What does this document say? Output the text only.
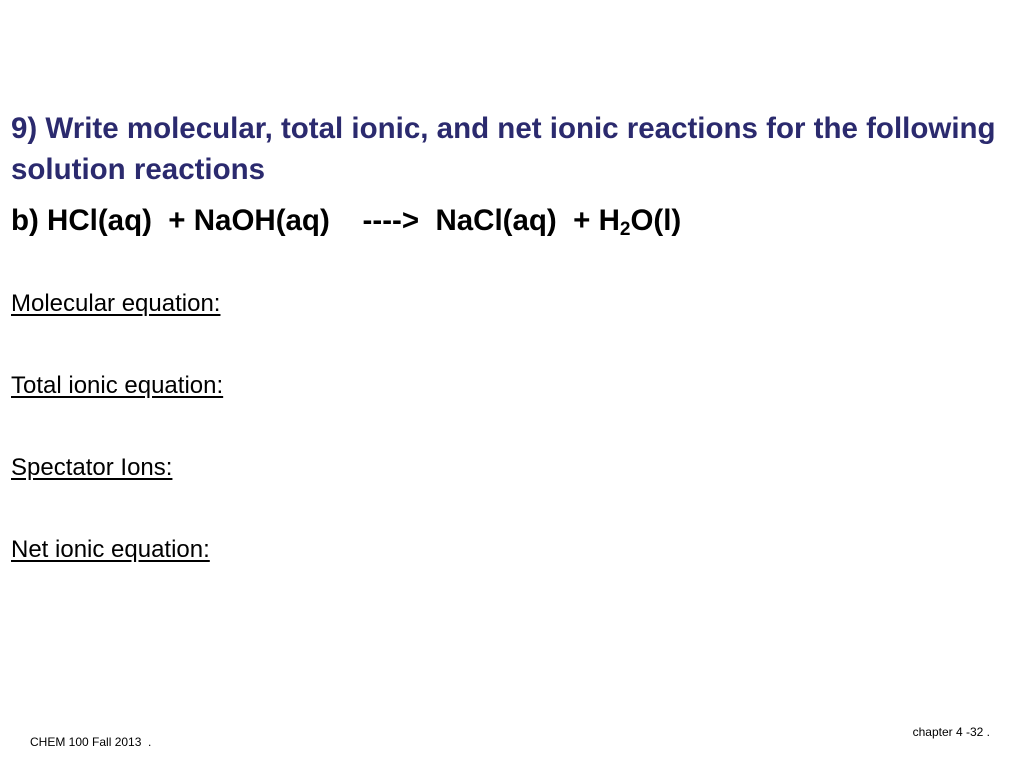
9) Write molecular, total ionic, and net ionic reactions for the following solution reactions

b) HCl(aq)  + NaOH(aq)    ---->  NaCl(aq)  + $H_2O(l)$

Molecular equation:

Total ionic equation:

Spectator Ions:

Net ionic equation:

CHEM 100 Fall 2013  .
chapter 4 -32 .
